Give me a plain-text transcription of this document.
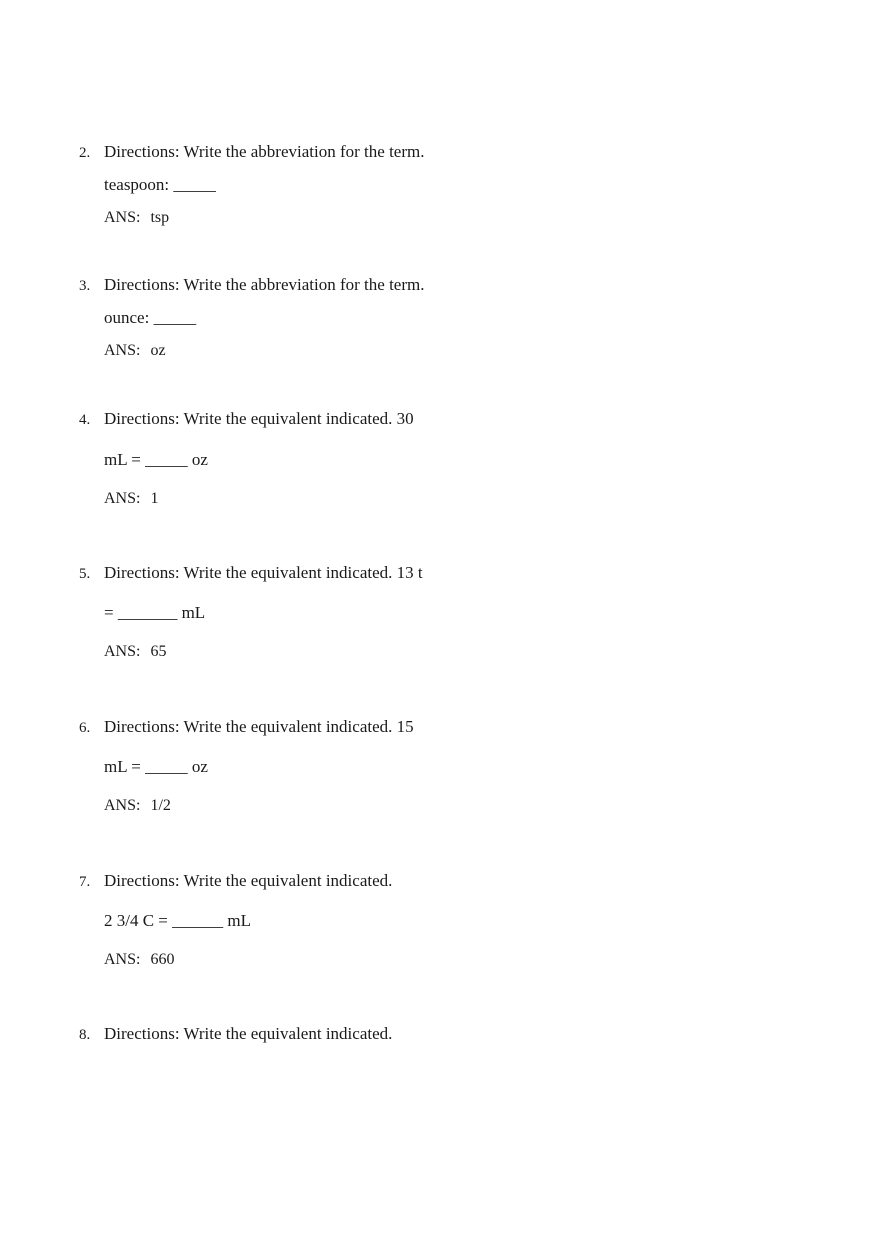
2. Directions: Write the abbreviation for the term.
teaspoon: _____
ANS: tsp
3. Directions: Write the abbreviation for the term.
ounce: _____
ANS: oz
4. Directions: Write the equivalent indicated. 30
mL = _____ oz
ANS: 1
5. Directions: Write the equivalent indicated. 13 t
= _______ mL
ANS: 65
6. Directions: Write the equivalent indicated. 15
mL = _____ oz
ANS: 1/2
7. Directions: Write the equivalent indicated.
2 3/4 C = ______ mL
ANS: 660
8. Directions: Write the equivalent indicated.
